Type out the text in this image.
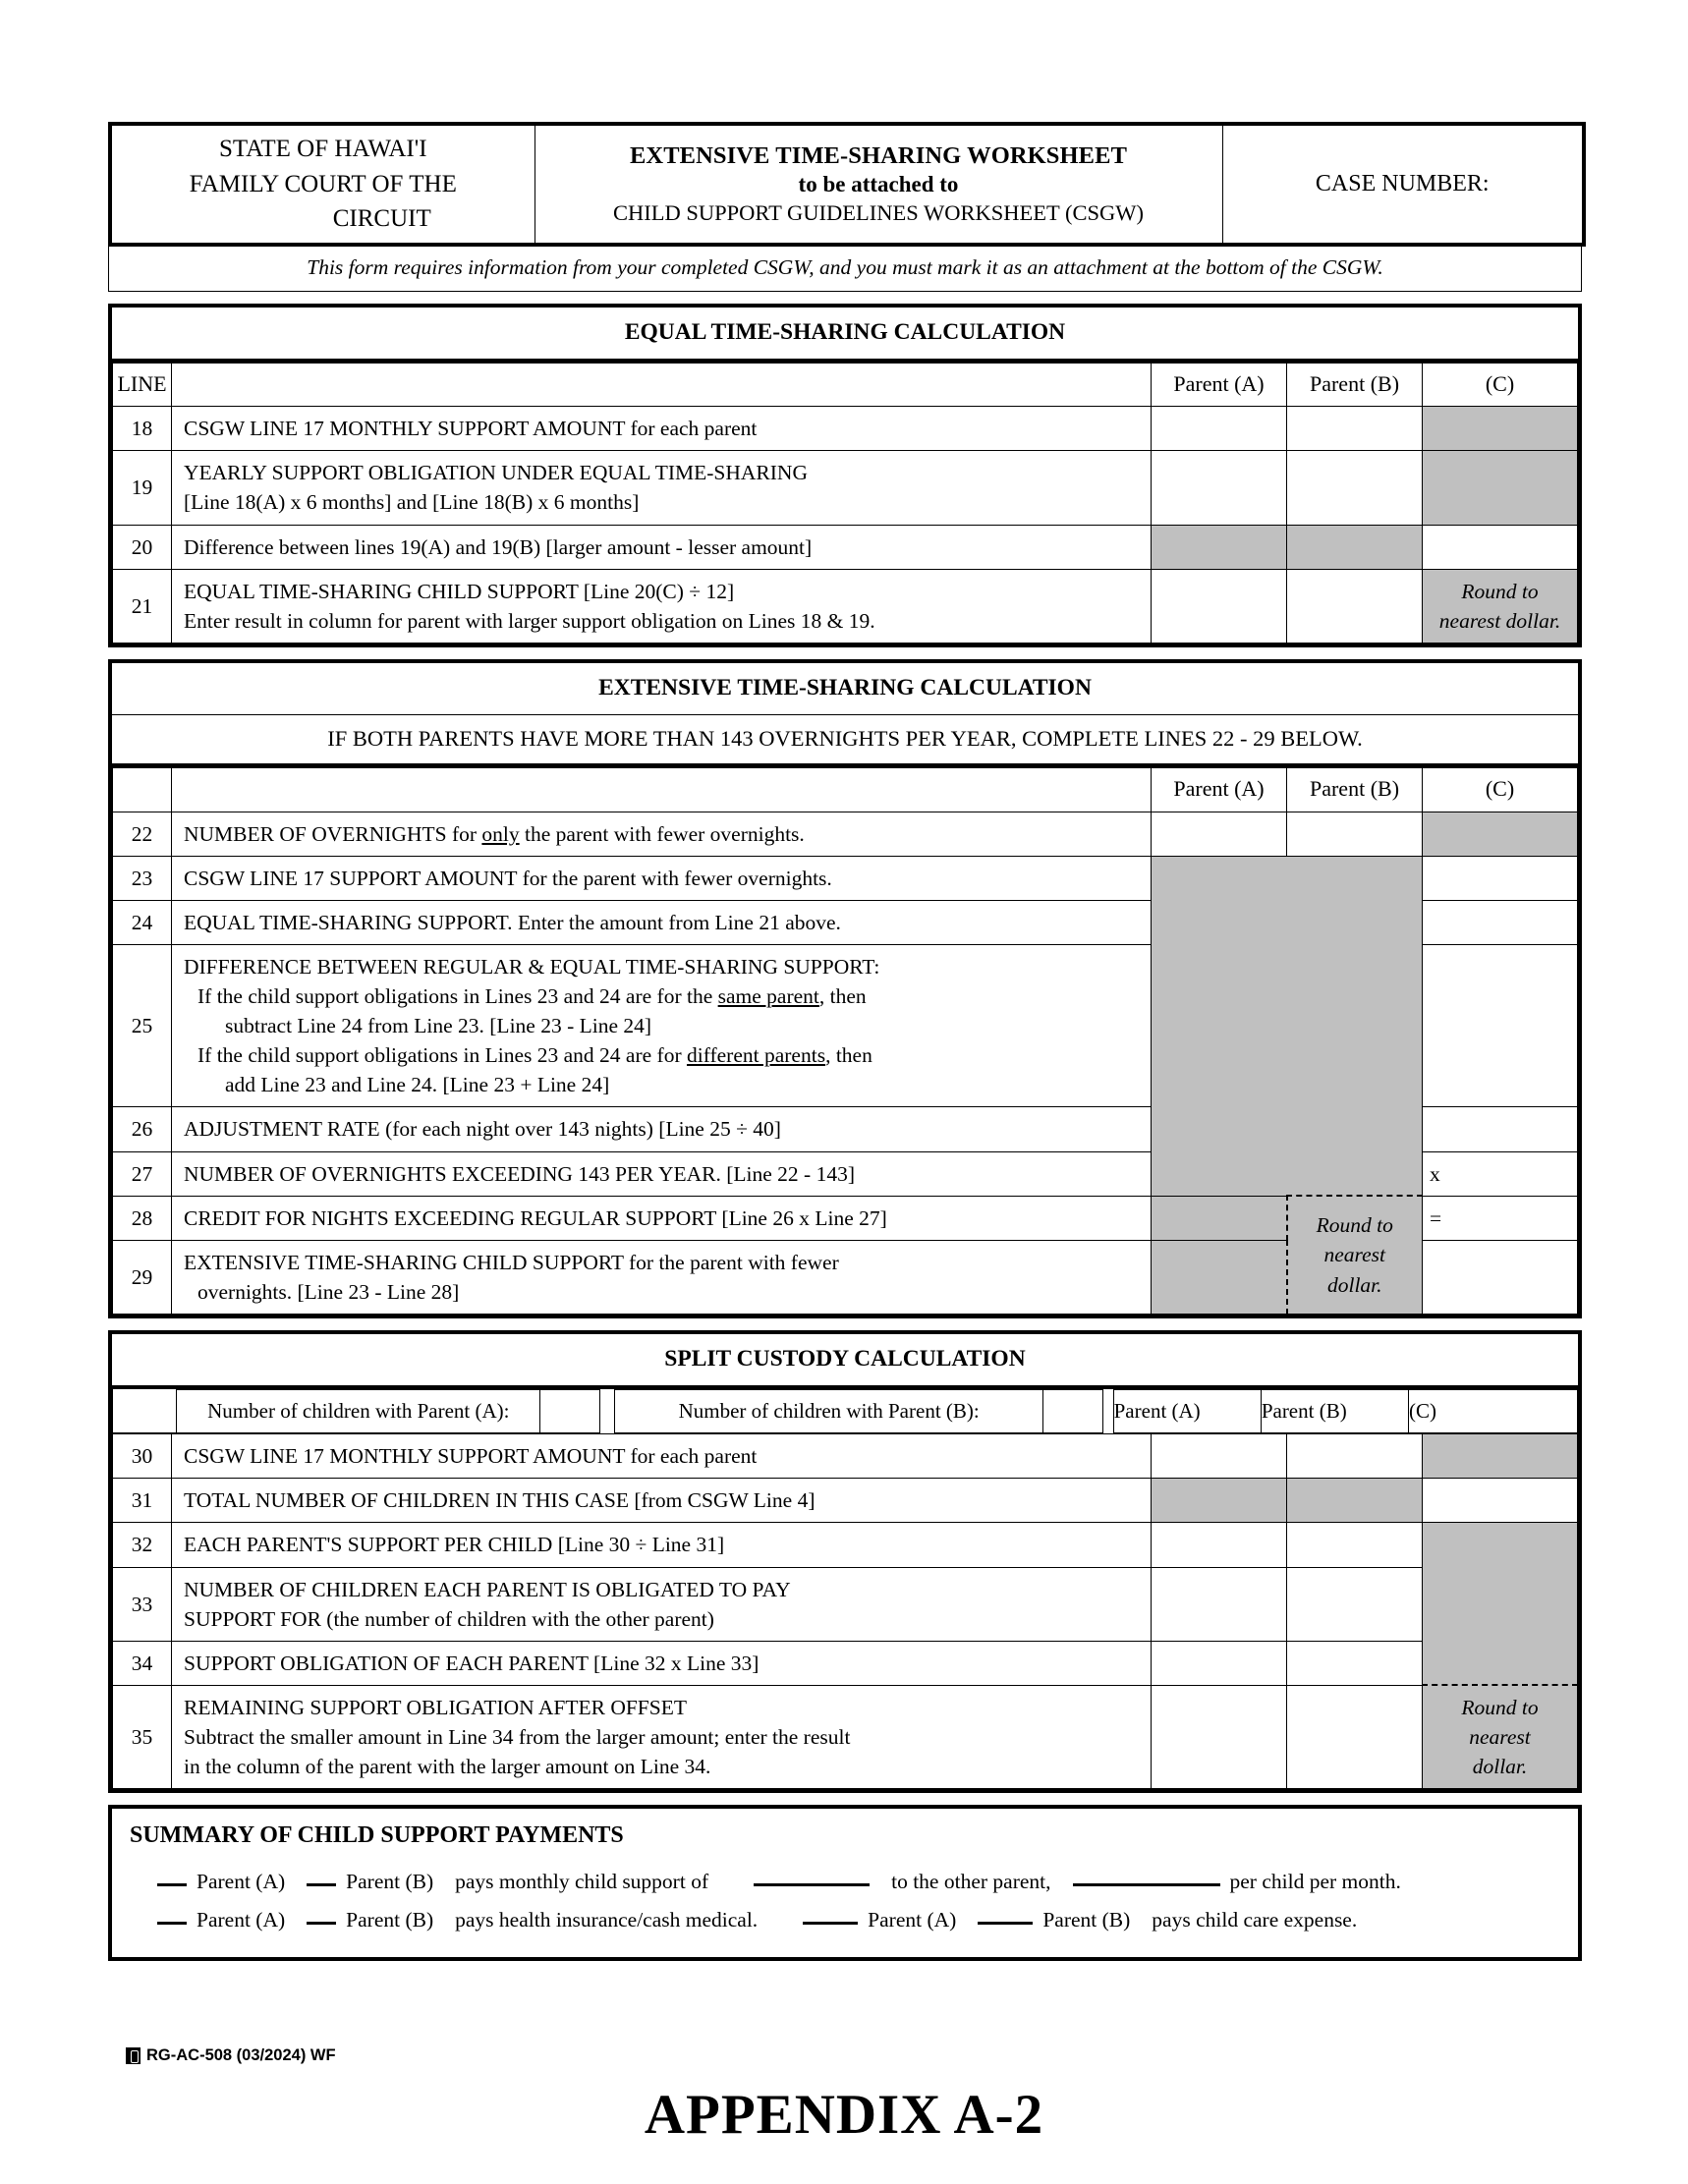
STATE OF HAWAI'I
FAMILY COURT OF THE
CIRCUIT

EXTENSIVE TIME-SHARING WORKSHEET
to be attached to
CHILD SUPPORT GUIDELINES WORKSHEET (CSGW)
	CASE NUMBER:
This form requires information from your completed CSGW, and you must mark it as an attachment at the bottom of the CSGW.
EQUAL TIME-SHARING CALCULATION
LINE		Parent (A)	Parent (B)	(C)
18	CSGW LINE 17 MONTHLY SUPPORT AMOUNT for each parent			
19	YEARLY SUPPORT OBLIGATION UNDER EQUAL TIME-SHARING
[Line 18(A) x 6 months] and [Line 18(B) x 6 months]			

20	Difference between lines 19(A) and 19(B) [larger amount - lesser amount]			
21	
EQUAL TIME-SHARING CHILD SUPPORT [Line 20(C) ÷ 12]
Enter result in column for parent with larger support obligation on Lines 18 & 19.

Round to
nearest dollar.
EXTENSIVE TIME-SHARING CALCULATION
IF BOTH PARENTS HAVE MORE THAN 143 OVERNIGHTS PER YEAR, COMPLETE LINES 22 - 29 BELOW.
		Parent (A)	Parent (B)	(C)
22	NUMBER OF OVERNIGHTS for only the parent with fewer overnights.			
23	CSGW LINE 17 SUPPORT AMOUNT for the parent with fewer overnights.			
24	EQUAL TIME-SHARING SUPPORT. Enter the amount from Line 21 above.			
25	DIFFERENCE BETWEEN REGULAR & EQUAL TIME-SHARING SUPPORT:
If the child support obligations in Lines 23 and 24 are for the same parent, then
subtract Line 24 from Line 23. [Line 23 - Line 24]
If the child support obligations in Lines 23 and 24 are for different parents, then
add Line 23 and Line 24. [Line 23 + Line 24]			

26	ADJUSTMENT RATE (for each night over 143 nights) [Line 25 ÷ 40]			
27	NUMBER OF OVERNIGHTS EXCEEDING 143 PER YEAR. [Line 22 - 143]			x
28	CREDIT FOR NIGHTS EXCEEDING REGULAR SUPPORT [Line 26 x Line 27]		Round to
nearest
dollar.	=
29	EXTENSIVE TIME-SHARING CHILD SUPPORT for the parent with fewer
overnights. [Line 23 - Line 28]			

SPLIT CUSTODY CALCULATION
	Number of children with Parent (A):			Number of children with Parent (B):			Parent (A)	Parent (B)	(C)
30	CSGW LINE 17 MONTHLY SUPPORT AMOUNT for each parent			
31	TOTAL NUMBER OF CHILDREN IN THIS CASE [from CSGW Line 4]			
32	EACH PARENT'S SUPPORT PER CHILD [Line 30 ÷ Line 31]			
33	NUMBER OF CHILDREN EACH PARENT IS OBLIGATED TO PAY
SUPPORT FOR (the number of children with the other parent)			

34	SUPPORT OBLIGATION OF EACH PARENT [Line 32 x Line 33]			
35	
REMAINING SUPPORT OBLIGATION AFTER OFFSET
Subtract the smaller amount in Line 34 from the larger amount; enter the result
in the column of the parent with the larger amount on Line 34.

Round to
nearest
dollar.
SUMMARY OF CHILD SUPPORT PAYMENTS
Parent (A)	Parent (B) pays monthly child support of	to the other parent,	per child per month.
Parent (A)	Parent (B) pays health insurance/cash medical.	Parent (A)	Parent (B) pays child care expense.
RG-AC-508 (03/2024) WF
APPENDIX A-2
